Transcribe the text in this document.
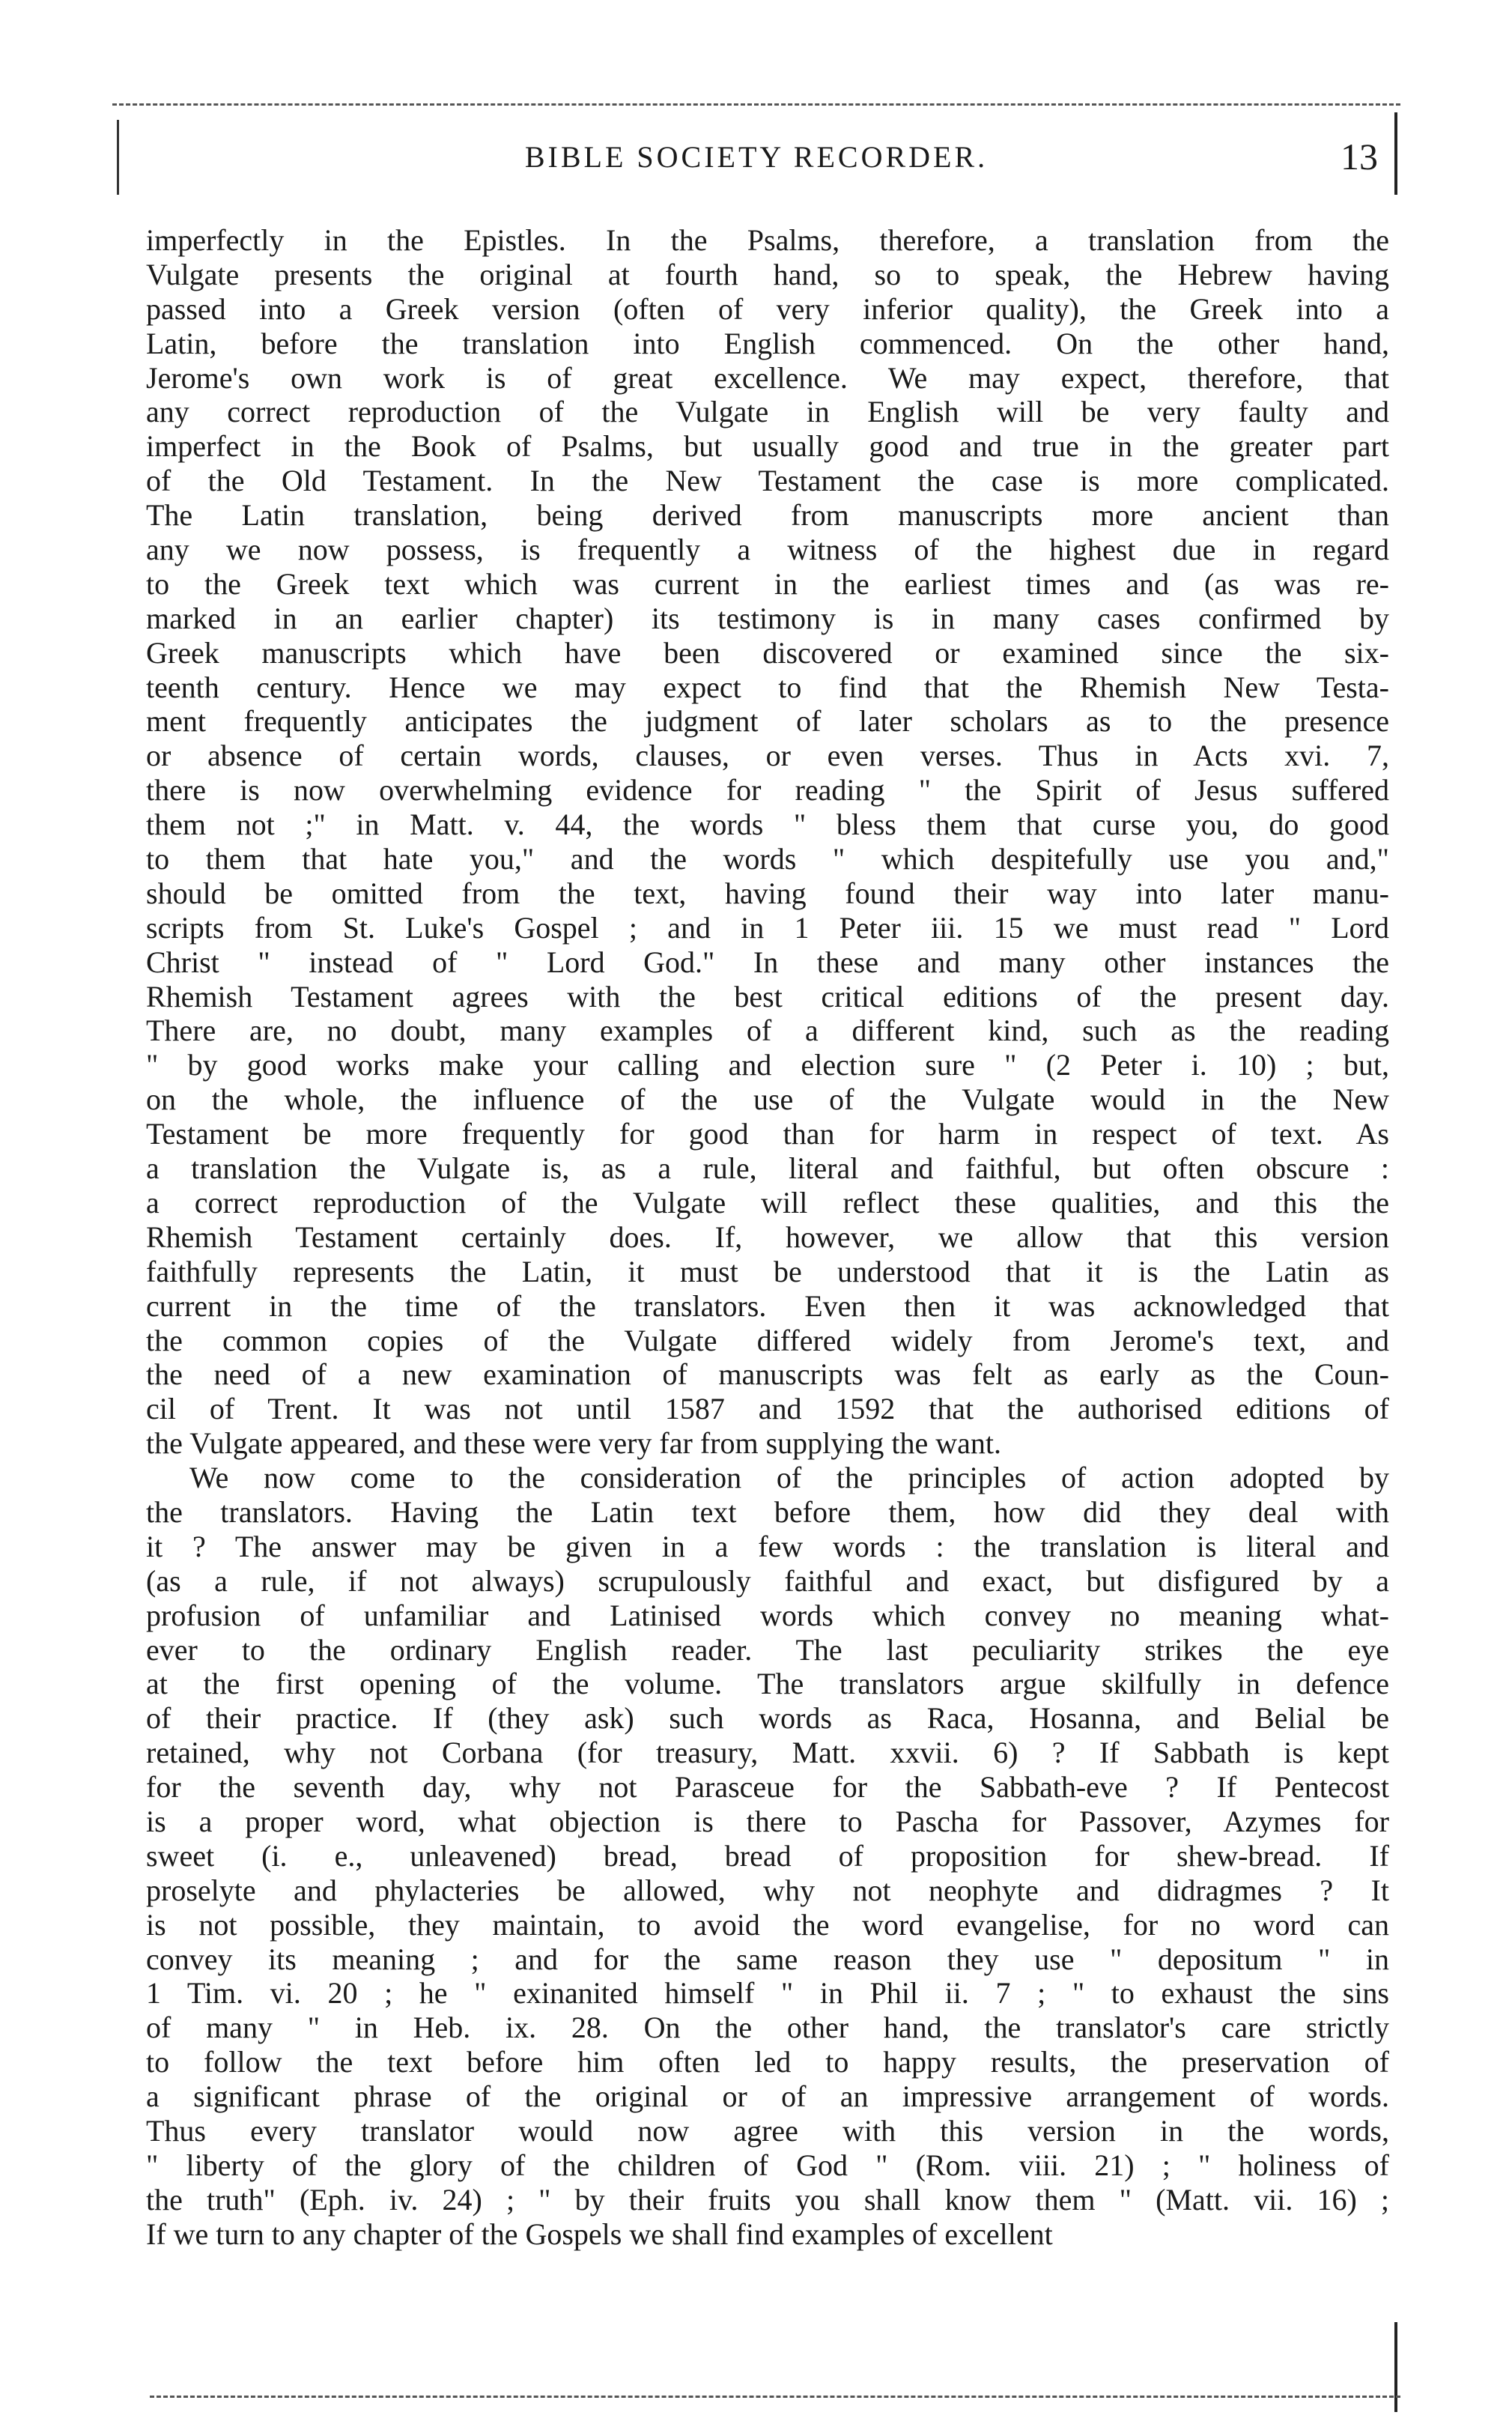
BIBLE SOCIETY RECORDER.	13
imperfectly in the Epistles. In the Psalms, therefore, a translation from the
Vulgate presents the original at fourth hand, so to speak, the Hebrew having
passed into a Greek version (often of very inferior quality), the Greek into a
Latin, before the translation into English commenced. On the other hand,
Jerome's own work is of great excellence. We may expect, therefore, that
any correct reproduction of the Vulgate in English will be very faulty and
imperfect in the Book of Psalms, but usually good and true in the greater part
of the Old Testament. In the New Testament the case is more complicated.
The Latin translation, being derived from manuscripts more ancient than
any we now possess, is frequently a witness of the highest due in regard
to the Greek text which was current in the earliest times and (as was re-
marked in an earlier chapter) its testimony is in many cases confirmed by
Greek manuscripts which have been discovered or examined since the six-
teenth century. Hence we may expect to find that the Rhemish New Testa-
ment frequently anticipates the judgment of later scholars as to the presence
or absence of certain words, clauses, or even verses. Thus in Acts xvi. 7,
there is now overwhelming evidence for reading " the Spirit of Jesus suffered
them not ;" in Matt. v. 44, the words " bless them that curse you, do good
to them that hate you," and the words " which despitefully use you and,"
should be omitted from the text, having found their way into later manu-
scripts from St. Luke's Gospel ; and in 1 Peter iii. 15 we must read " Lord
Christ " instead of " Lord God." In these and many other instances the
Rhemish Testament agrees with the best critical editions of the present day.
There are, no doubt, many examples of a different kind, such as the reading
" by good works make your calling and election sure " (2 Peter i. 10) ; but,
on the whole, the influence of the use of the Vulgate would in the New
Testament be more frequently for good than for harm in respect of text. As
a translation the Vulgate is, as a rule, literal and faithful, but often obscure :
a correct reproduction of the Vulgate will reflect these qualities, and this the
Rhemish Testament certainly does. If, however, we allow that this version
faithfully represents the Latin, it must be understood that it is the Latin as
current in the time of the translators. Even then it was acknowledged that
the common copies of the Vulgate differed widely from Jerome's text, and
the need of a new examination of manuscripts was felt as early as the Coun-
cil of Trent. It was not until 1587 and 1592 that the authorised editions of
the Vulgate appeared, and these were very far from supplying the want.
We now come to the consideration of the principles of action adopted by
the translators. Having the Latin text before them, how did they deal with
it ? The answer may be given in a few words : the translation is literal and
(as a rule, if not always) scrupulously faithful and exact, but disfigured by a
profusion of unfamiliar and Latinised words which convey no meaning what-
ever to the ordinary English reader. The last peculiarity strikes the eye
at the first opening of the volume. The translators argue skilfully in defence
of their practice. If (they ask) such words as Raca, Hosanna, and Belial be
retained, why not Corbana (for treasury, Matt. xxvii. 6) ? If Sabbath is kept
for the seventh day, why not Parasceue for the Sabbath-eve ? If Pentecost
is a proper word, what objection is there to Pascha for Passover, Azymes for
sweet (i. e., unleavened) bread, bread of proposition for shew-bread. If
proselyte and phylacteries be allowed, why not neophyte and didragmes ? It
is not possible, they maintain, to avoid the word evangelise, for no word can
convey its meaning ; and for the same reason they use " depositum " in
1 Tim. vi. 20 ; he " exinanited himself " in Phil ii. 7 ; " to exhaust the sins
of many " in Heb. ix. 28. On the other hand, the translator's care strictly
to follow the text before him often led to happy results, the preservation of
a significant phrase of the original or of an impressive arrangement of words.
Thus every translator would now agree with this version in the words,
" liberty of the glory of the children of God " (Rom. viii. 21) ; " holiness of
the truth" (Eph. iv. 24) ; " by their fruits you shall know them " (Matt. vii. 16) ;
If we turn to any chapter of the Gospels we shall find examples of excellent
